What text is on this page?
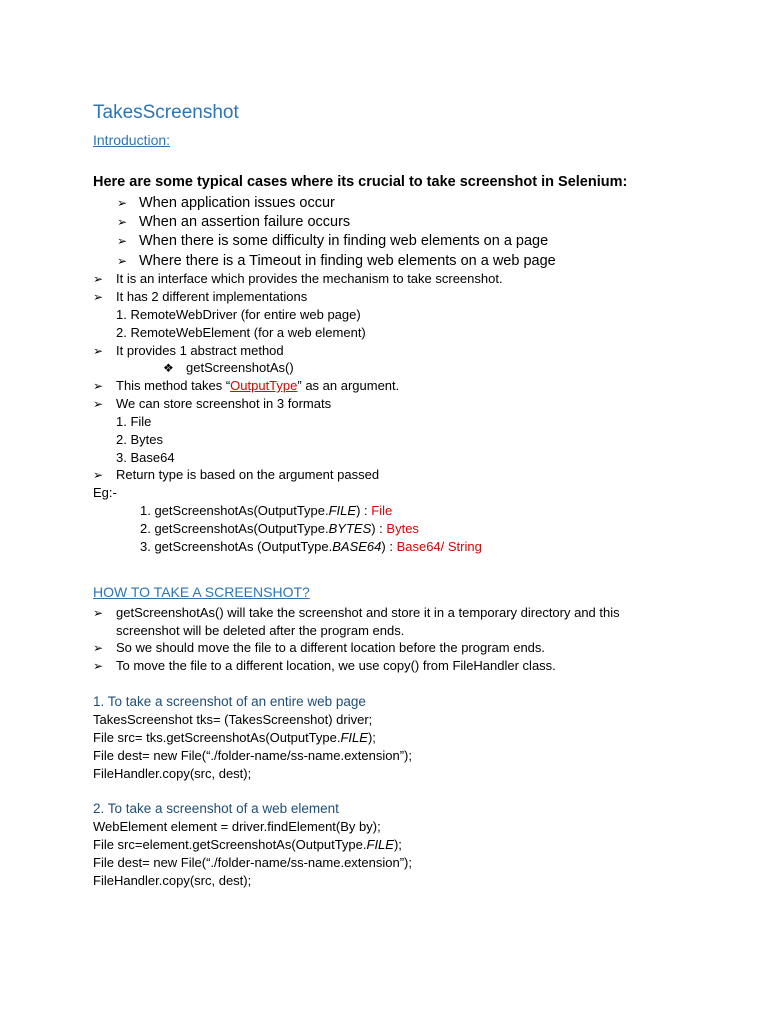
TakesScreenshot
Introduction:
Here are some typical cases where its crucial to take screenshot in Selenium:
➢ When application issues occur
➢ When an assertion failure occurs
➢ When there is some difficulty in finding web elements on a page
➢ Where there is a Timeout in finding web elements on a web page
➢ It is an interface which provides the mechanism to take screenshot.
➢ It has 2 different implementations
1. RemoteWebDriver (for entire web page)
2. RemoteWebElement (for a web element)
➢ It provides 1 abstract method
❖ getScreenshotAs()
➢ This method takes “OutputType” as an argument.
➢ We can store screenshot in 3 formats
1. File
2. Bytes
3. Base64
➢ Return type is based on the argument passed
Eg:-
1. getScreenshotAs(OutputType.FILE) : File
2. getScreenshotAs(OutputType.BYTES) : Bytes
3. getScreenshotAs (OutputType.BASE64) : Base64/ String
HOW TO TAKE A SCREENSHOT?
➢ getScreenshotAs() will take the screenshot and store it in a temporary directory and this
screenshot will be deleted after the program ends.
➢ So we should move the file to a different location before the program ends.
➢ To move the file to a different location, we use copy() from FileHandler class.
1. To take a screenshot of an entire web page
TakesScreenshot tks= (TakesScreenshot) driver;
File src= tks.getScreenshotAs(OutputType.FILE);
File dest= new File(“./folder-name/ss-name.extension”);
FileHandler.copy(src, dest);
2. To take a screenshot of a web element
WebElement element = driver.findElement(By by);
File src=element.getScreenshotAs(OutputType.FILE);
File dest= new File(“./folder-name/ss-name.extension”);
FileHandler.copy(src, dest);
